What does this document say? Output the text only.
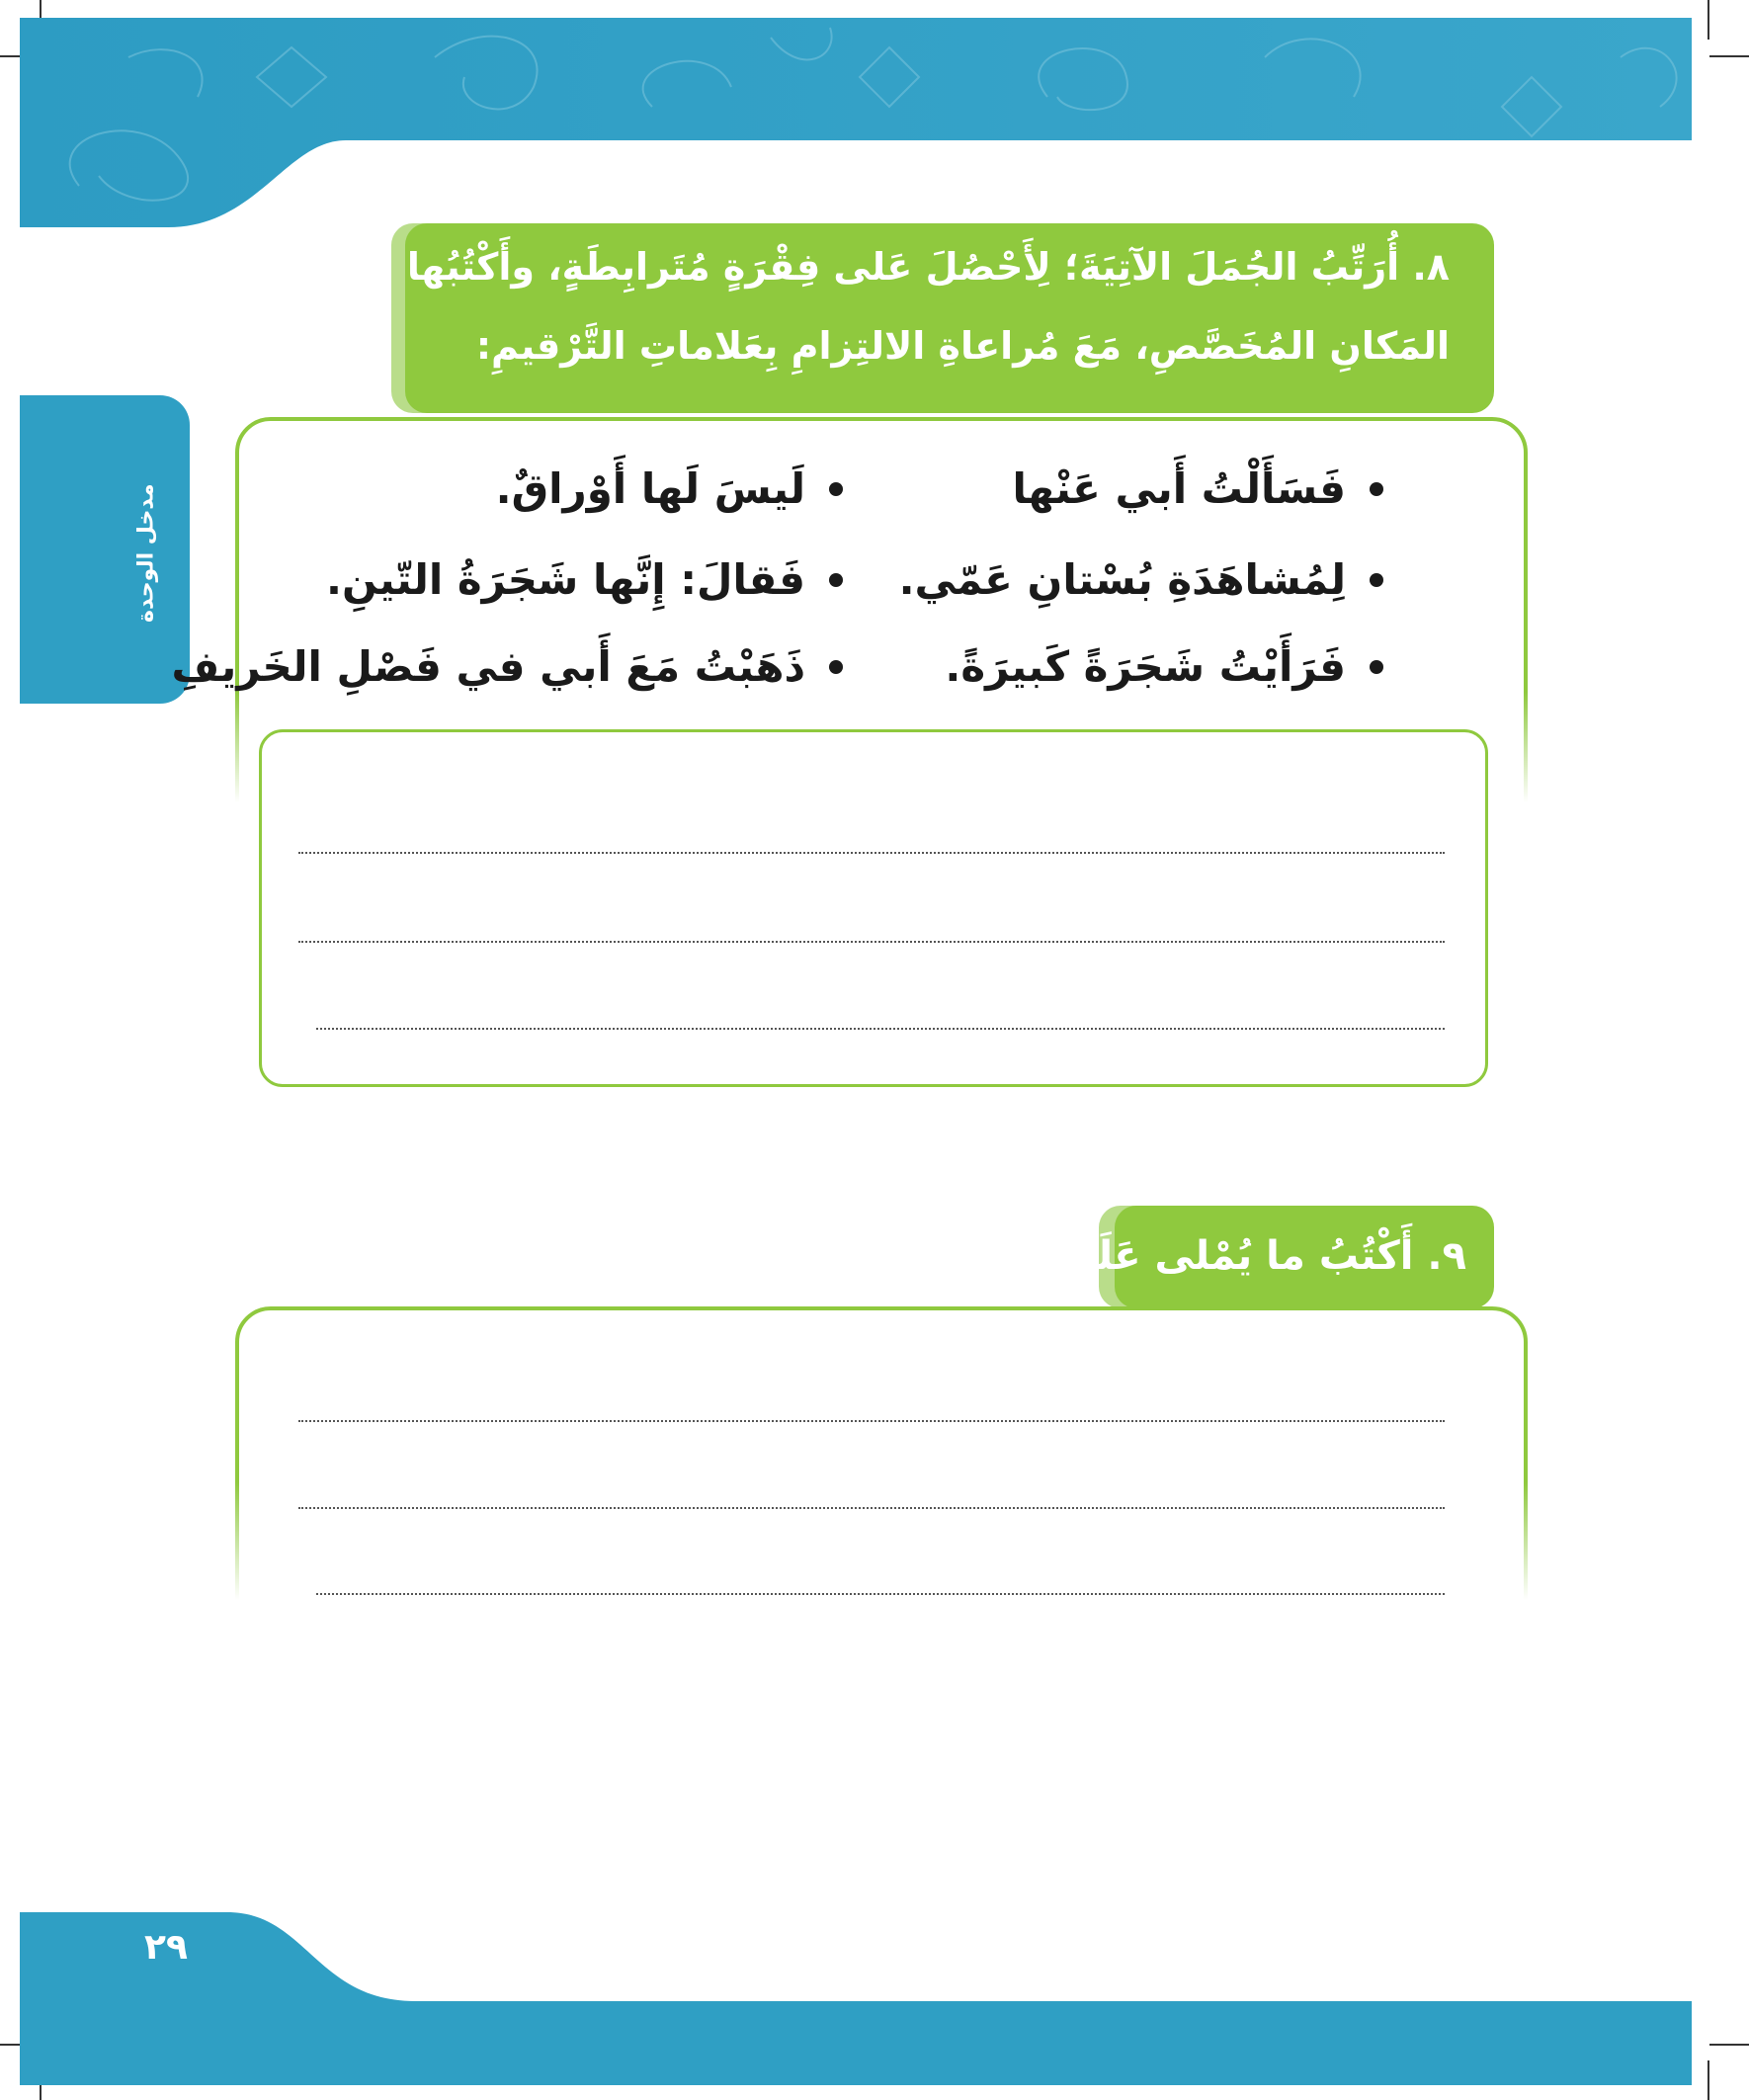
مدخل الوحدة
٨. أُرَتِّبُ الجُمَلَ الآتِيَةَ؛ لِأَحْصُلَ عَلى فِقْرَةٍ مُتَرابِطَةٍ، وأَكْتُبُها في
المَكانِ المُخَصَّصِ، مَعَ مُراعاةِ الالتِزامِ بِعَلاماتِ التَّرْقيمِ:
فَسَأَلْتُ أَبي عَنْها
لِمُشاهَدَةِ بُسْتانِ عَمّي.
فَرَأَيْتُ شَجَرَةً كَبيرَةً.
لَيسَ لَها أَوْراقٌ.
فَقالَ: إِنَّها شَجَرَةُ التّينِ.
ذَهَبْتُ مَعَ أَبي في فَصْلِ الخَريفِ
٩. أَكْتُبُ ما يُمْلى عَلَيَّ:
٢٩
